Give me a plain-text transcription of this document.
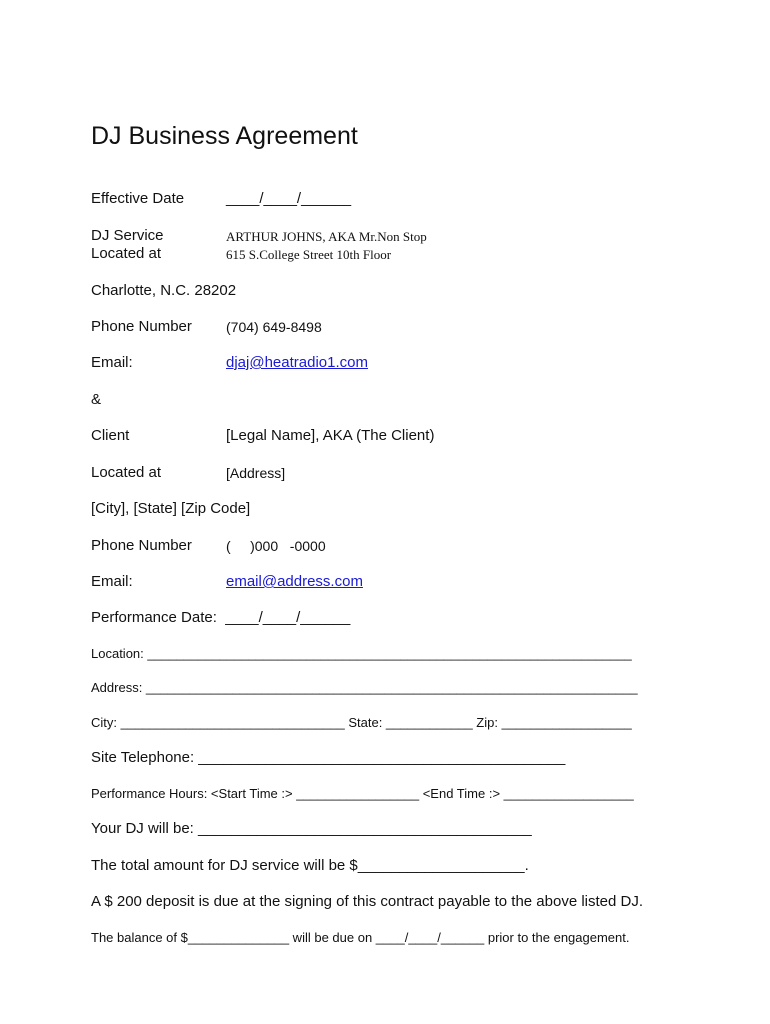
DJ Business Agreement
Effective Date	____/____/______
DJ Service	ARTHUR JOHNS, AKA Mr.Non Stop
Located at	615 S.College Street 10th Floor
Charlotte, N.C. 28202
Phone Number (704) 649-8498
Email:	djaj@heatradio1.com
&
Client	[Legal Name], AKA (The Client)
Located at	[Address]
[City], [State] [Zip Code]
Phone Number (     )000   -0000
Email:	email@address.com
Performance Date:  ____/____/______
Location: ___________________________________________________________________
Address: ____________________________________________________________________
City: _______________________________ State: ____________ Zip: __________________
Site Telephone: ____________________________________________
Performance Hours: <Start Time :> _________________ <End Time :> __________________
Your DJ will be: ________________________________________
The total amount for DJ service will be $____________________.
A $ 200 deposit is due at the signing of this contract payable to the above listed DJ.
The balance of $______________ will be due on ____/____/______ prior to the engagement.
